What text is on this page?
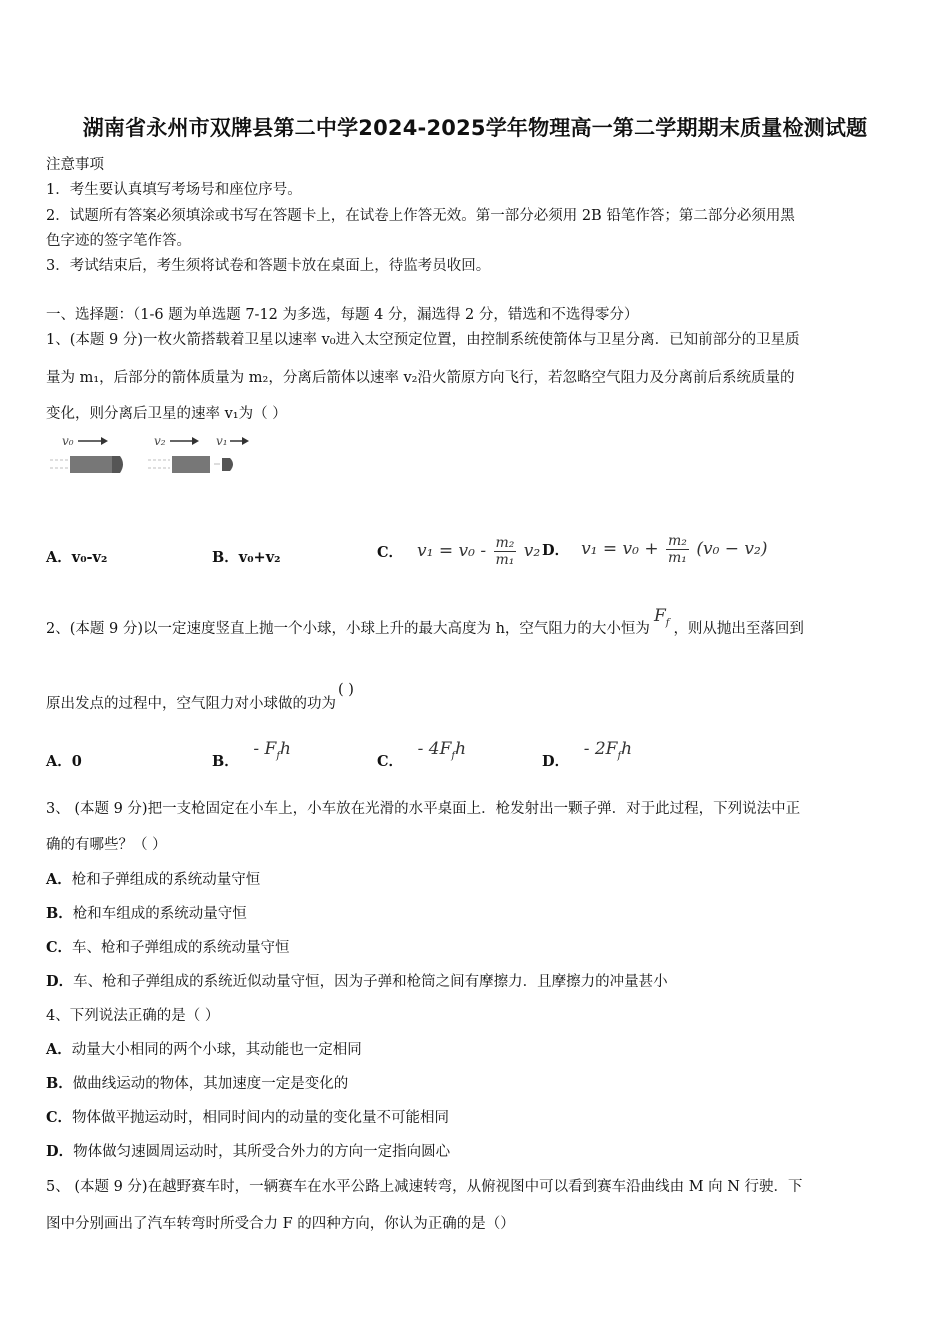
湖南省永州市双牌县第二中学2024-2025学年物理高一第二学期期末质量检测试题
注意事项
1．考生要认真填写考场号和座位序号。
2．试题所有答案必须填涂或书写在答题卡上，在试卷上作答无效。第一部分必须用 2B 铅笔作答；第二部分必须用黑
色字迹的签字笔作答。
3．考试结束后，考生须将试卷和答题卡放在桌面上，待监考员收回。
一、选择题：（1-6 题为单选题 7-12 为多选，每题 4 分，漏选得 2 分，错选和不选得零分）
1、(本题 9 分)一枚火箭搭载着卫星以速率 v₀进入太空预定位置，由控制系统使箭体与卫星分离．已知前部分的卫星质
量为 m₁，后部分的箭体质量为 m₂，分离后箭体以速率 v₂沿火箭原方向飞行，若忽略空气阻力及分离前后系统质量的
变化，则分离后卫星的速率 v₁为（ ）
v₀	v₂	v₁
A．v₀-v₂	B．v₀+v₂	C． $v_1 = v_0 - \frac{\text{m₂}}{\text{m₁}} v_2$ D． $v_1 = v_0 + \frac{\text{m₂}}{\text{m₁}} (v_0 - v_2)$
2、(本题 9 分)以一定速度竖直上抛一个小球，小球上升的最大高度为 h，空气阻力的大小恒为$F_f$ ，则从抛出至落回到
原出发点的过程中，空气阻力对小球做的功为( )
A．0	B． - $F_fh$
C． - $4F_fh$
D． - $2F_fh$
3、 (本题 9 分)把一支枪固定在小车上，小车放在光滑的水平桌面上．枪发射出一颗子弹．对于此过程，下列说法中正
确的有哪些？（ ）
A．枪和子弹组成的系统动量守恒
B．枪和车组成的系统动量守恒
C．车、枪和子弹组成的系统动量守恒
D．车、枪和子弹组成的系统近似动量守恒，因为子弹和枪筒之间有摩擦力．且摩擦力的冲量甚小
4、下列说法正确的是（ ）
A．动量大小相同的两个小球，其动能也一定相同
B．做曲线运动的物体，其加速度一定是变化的
C．物体做平抛运动时，相同时间内的动量的变化量不可能相同
D．物体做匀速圆周运动时，其所受合外力的方向一定指向圆心
5、 (本题 9 分)在越野赛车时，一辆赛车在水平公路上减速转弯，从俯视图中可以看到赛车沿曲线由 M 向 N 行驶．下
图中分别画出了汽车转弯时所受合力 F 的四种方向，你认为正确的是（）
